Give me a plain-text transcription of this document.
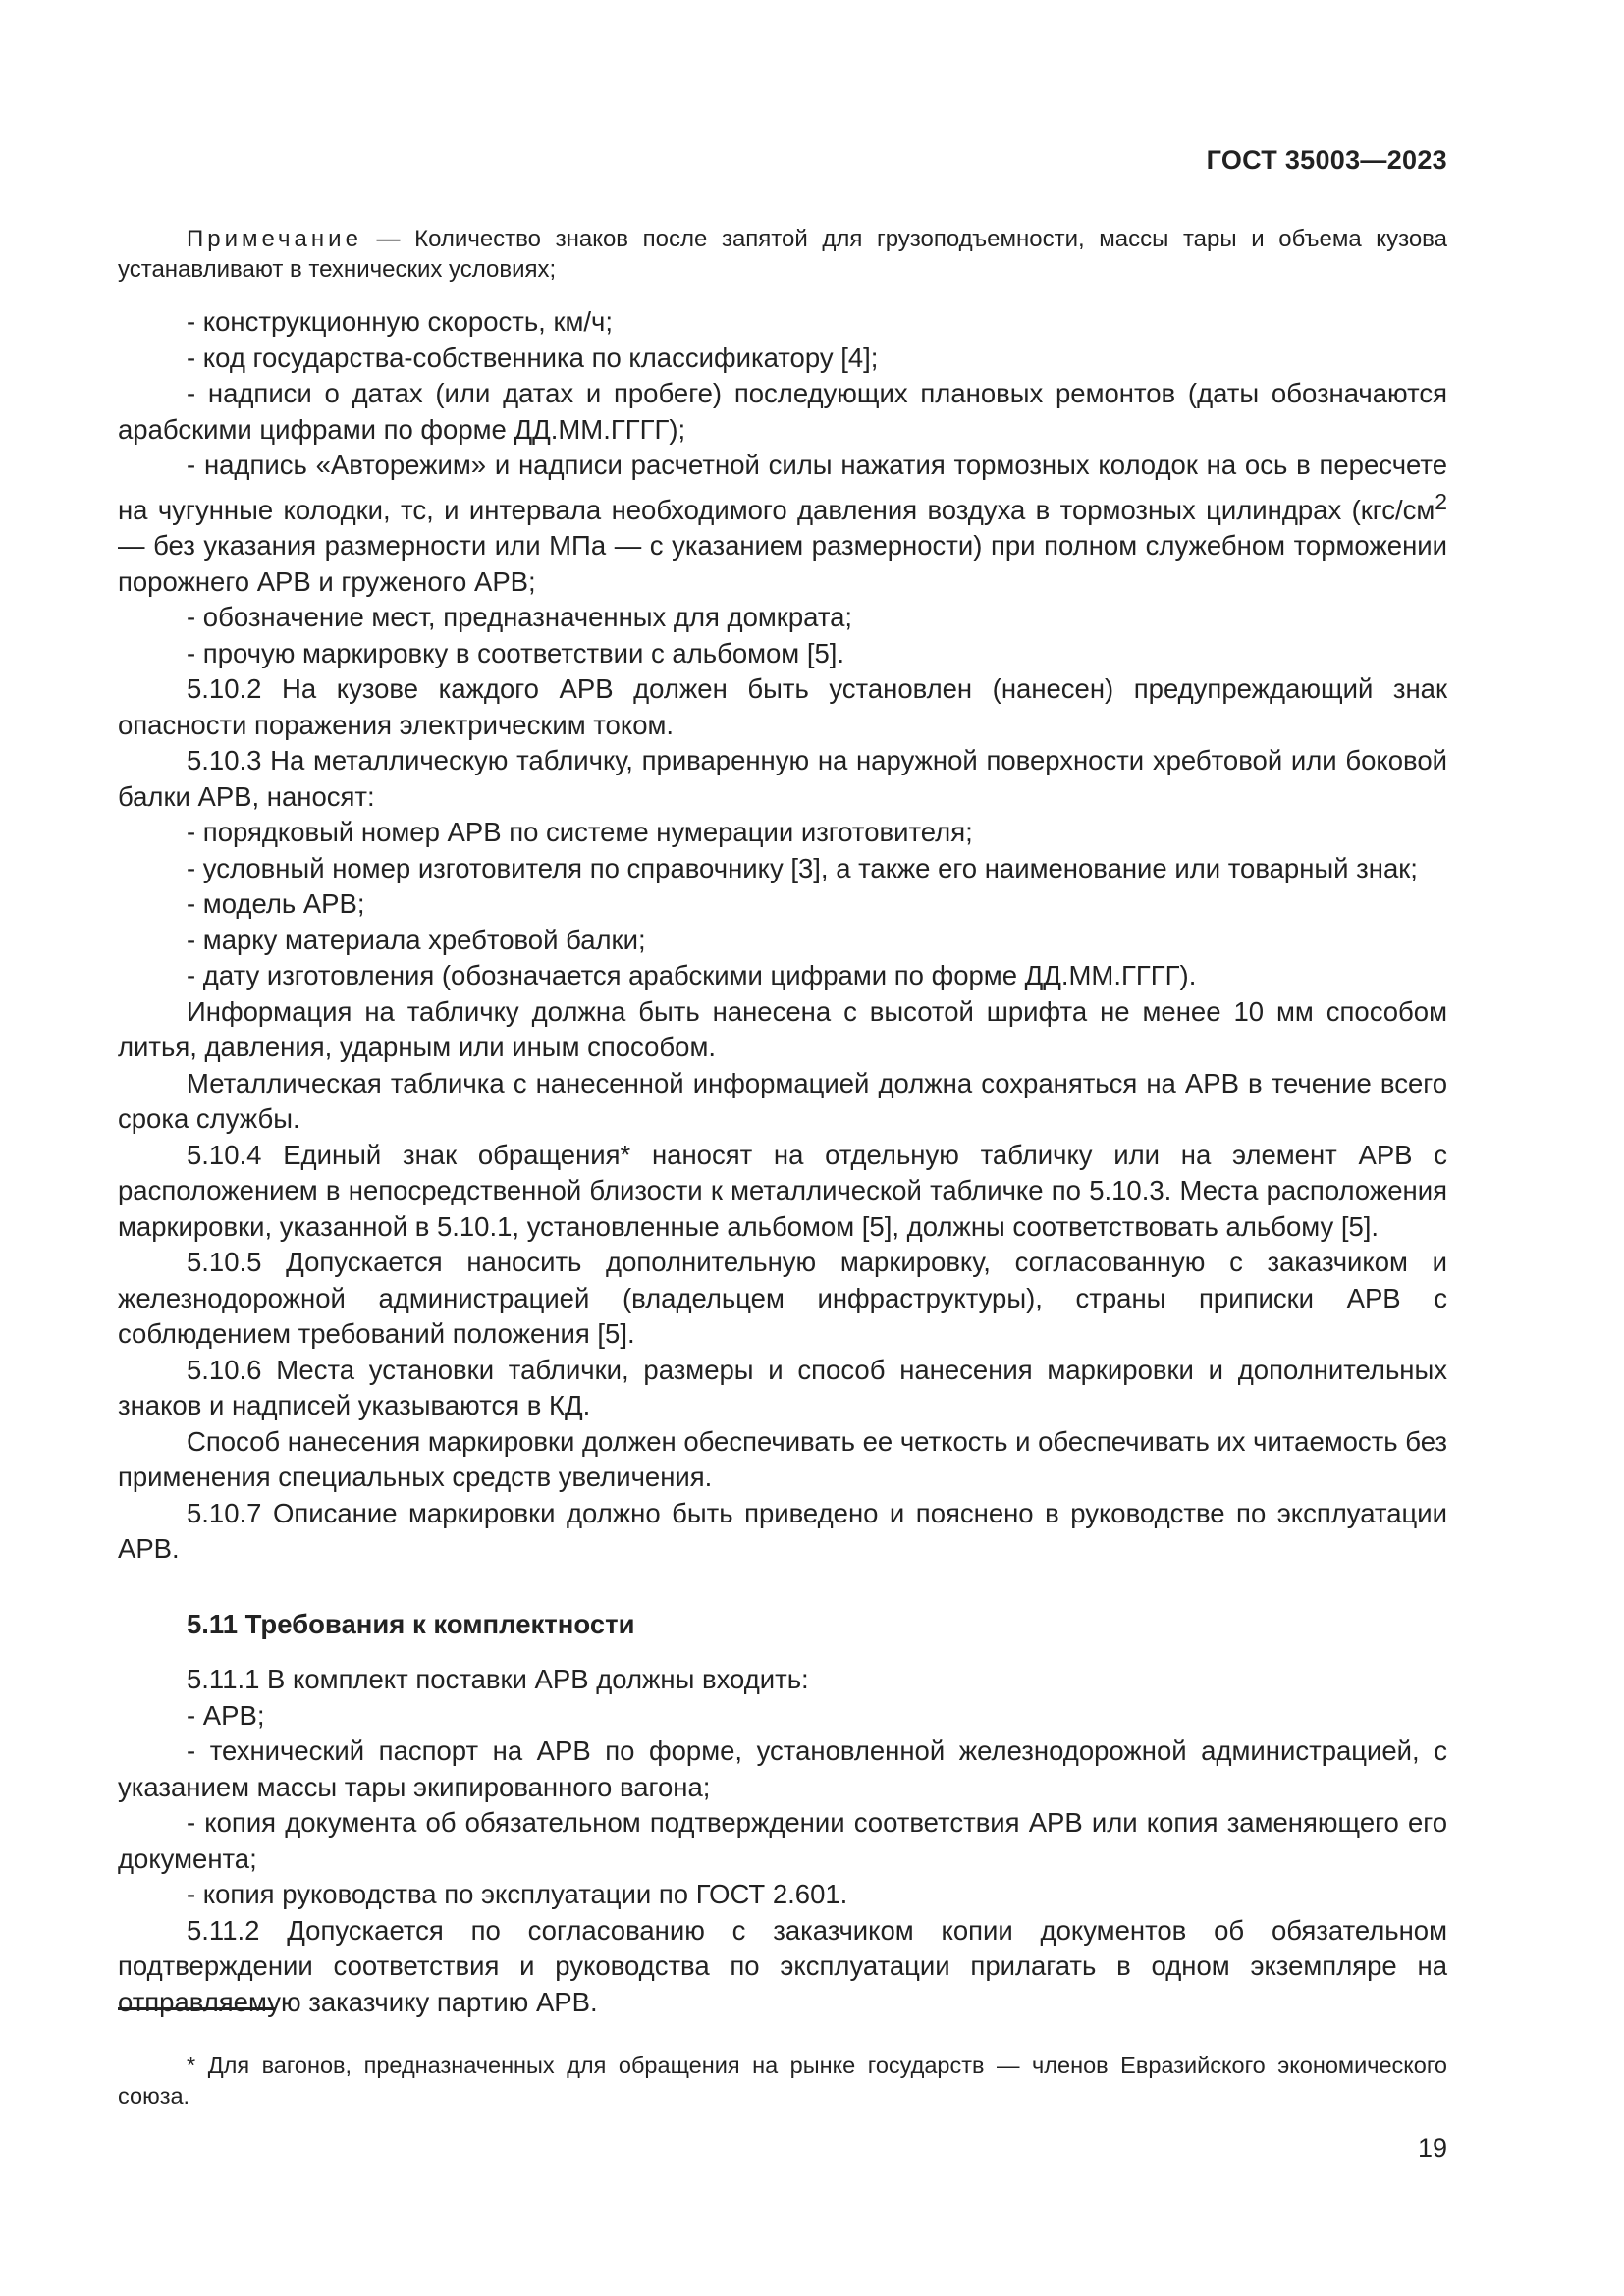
ГОСТ 35003—2023

Примечание — Количество знаков после запятой для грузоподъемности, массы тары и объема кузова устанавливают в технических условиях;

- конструкционную скорость, км/ч;

- код государства-собственника по классификатору [4];

- надписи о датах (или датах и пробеге) последующих плановых ремонтов (даты обозначаются арабскими цифрами по форме ДД.ММ.ГГГГ);

- надпись «Авторежим» и надписи расчетной силы нажатия тормозных колодок на ось в пересчете на чугунные колодки, тс, и интервала необходимого давления воздуха в тормозных цилиндрах ($кгс/см^2$ — без указания размерности или МПа — с указанием размерности) при полном служебном торможении порожнего АРВ и груженого АРВ;

- обозначение мест, предназначенных для домкрата;

- прочую маркировку в соответствии с альбомом [5].

5.10.2 На кузове каждого АРВ должен быть установлен (нанесен) предупреждающий знак опасности поражения электрическим током.

5.10.3 На металлическую табличку, приваренную на наружной поверхности хребтовой или боковой балки АРВ, наносят:

- порядковый номер АРВ по системе нумерации изготовителя;

- условный номер изготовителя по справочнику [3], а также его наименование или товарный знак;

- модель АРВ;

- марку материала хребтовой балки;

- дату изготовления (обозначается арабскими цифрами по форме ДД.ММ.ГГГГ).

Информация на табличку должна быть нанесена с высотой шрифта не менее 10 мм способом литья, давления, ударным или иным способом.

Металлическая табличка с нанесенной информацией должна сохраняться на АРВ в течение всего срока службы.

5.10.4 Единый знак обращения* наносят на отдельную табличку или на элемент АРВ с расположением в непосредственной близости к металлической табличке по 5.10.3. Места расположения маркировки, указанной в 5.10.1, установленные альбомом [5], должны соответствовать альбому [5].

5.10.5 Допускается наносить дополнительную маркировку, согласованную с заказчиком и железнодорожной администрацией (владельцем инфраструктуры), страны приписки АРВ с соблюдением требований положения [5].

5.10.6 Места установки таблички, размеры и способ нанесения маркировки и дополнительных знаков и надписей указываются в КД.

Способ нанесения маркировки должен обеспечивать ее четкость и обеспечивать их читаемость без применения специальных средств увеличения.

5.10.7 Описание маркировки должно быть приведено и пояснено в руководстве по эксплуатации АРВ.

5.11 Требования к комплектности

5.11.1 В комплект поставки АРВ должны входить:

- АРВ;

- технический паспорт на АРВ по форме, установленной железнодорожной администрацией, с указанием массы тары экипированного вагона;

- копия документа об обязательном подтверждении соответствия АРВ или копия заменяющего его документа;

- копия руководства по эксплуатации по ГОСТ 2.601.

5.11.2 Допускается по согласованию с заказчиком копии документов об обязательном подтверждении соответствия и руководства по эксплуатации прилагать в одном экземпляре на отправляемую заказчику партию АРВ.

* Для вагонов, предназначенных для обращения на рынке государств — членов Евразийского экономического союза.

19
